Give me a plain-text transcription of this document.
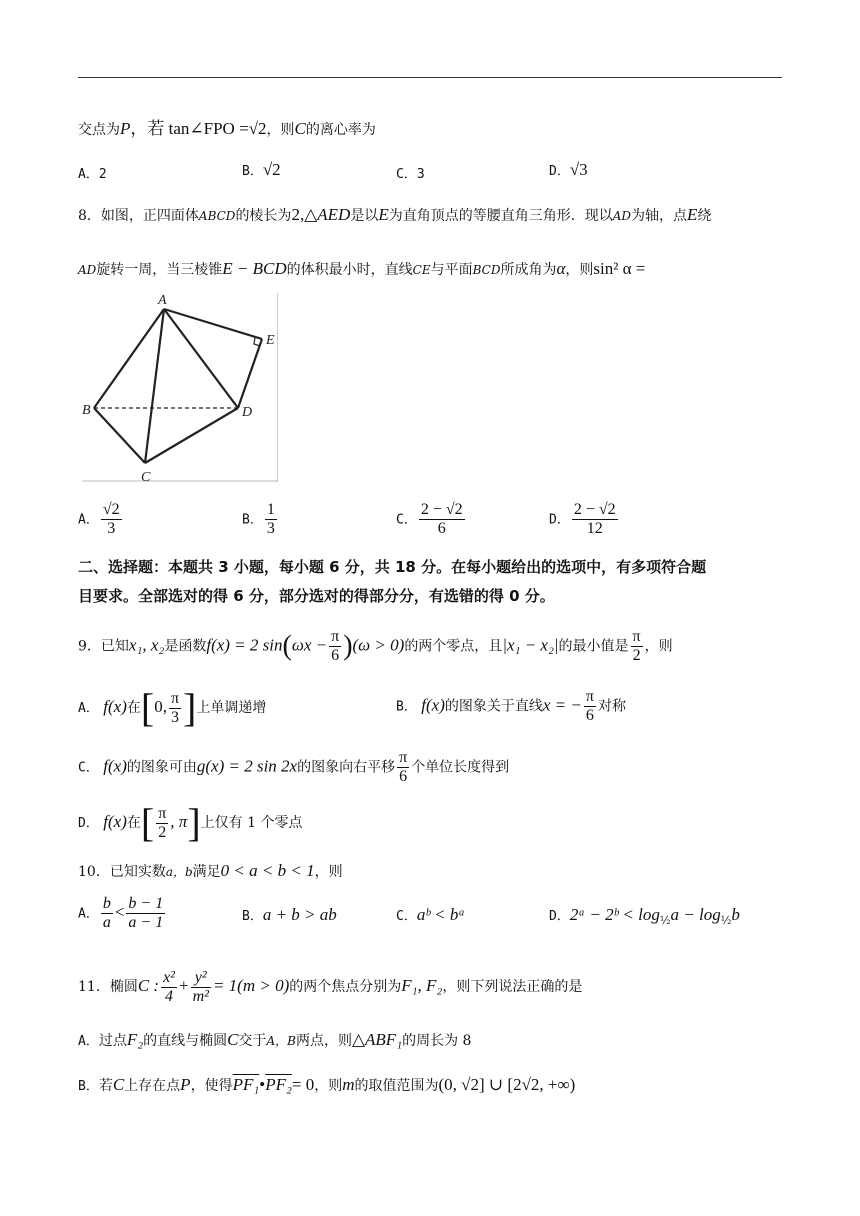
交点为P，若 tan∠FPO =√2，则C的离心率为
A．2	B．√2	C．3	D．√3
8．如图，正四面体ABCD的棱长为2,△AED是以E为直角顶点的等腰直角三角形．现以AD为轴，点E绕
AD旋转一周，当三棱锥E − BCD的体积最小时，直线CE与平面BCD所成角为α，则sin² α =
A
B
C
D
E
A． $\frac{√2}{3}$	B． $\frac{1}{3}$	C． $\frac{2 - √2}{6}$	D． $\frac{2 - √2}{12}$
二、选择题：本题共 3 小题，每小题 6 分，共 18 分。在每小题给出的选项中，有多项符合题
目要求。全部选对的得 6 分，部分选对的得部分分，有选错的得 0 分。
9．已知x₁, x₂是函数f(x) = 2 $\sin(\omega x - \frac{\pi}{6} )(\omega > 0)$的两个零点，且|x₁ − x₂|的最小值是 $\frac{\pi}{2}$ ，则
A． f(x)在[0, $\frac{\pi}{3}$ ]上单调递增	B． f(x)的图象关于直线x = − $\frac{\pi}{6}$ 对称
C． f(x)的图象可由g(x) = 2 sin 2x的图象向右平移 $\frac{\pi}{6}$ 个单位长度得到
D． f(x)在[ $\frac{\pi}{2}$ , π]上仅有 1 个零点
10．已知实数a，b满足0 < a < b < 1，则
A． $\frac{b}{a} < \frac{b - 1}{a - 1}$	B．a + b > ab	C．aᵇ < bᵃ	D．2ᵃ − 2ᵇ < $\log_{\frac{1}{2}}a - \log_{\frac{1}{2}}b$
11．椭圆C : $\frac{\text{x²}}{4} + \frac{\text{y²}}{\text{m²}} = 1(m > 0)$的两个焦点分别为F₁, F₂，则下列说法正确的是
A．过点F₂的直线与椭圆C交于A，B两点，则△ABF₁的周长为 8
B．若C上存在点P，使得PF₁•PF₂= 0，则m的取值范围为(0, √2] ∪ [2√2, +∞)
